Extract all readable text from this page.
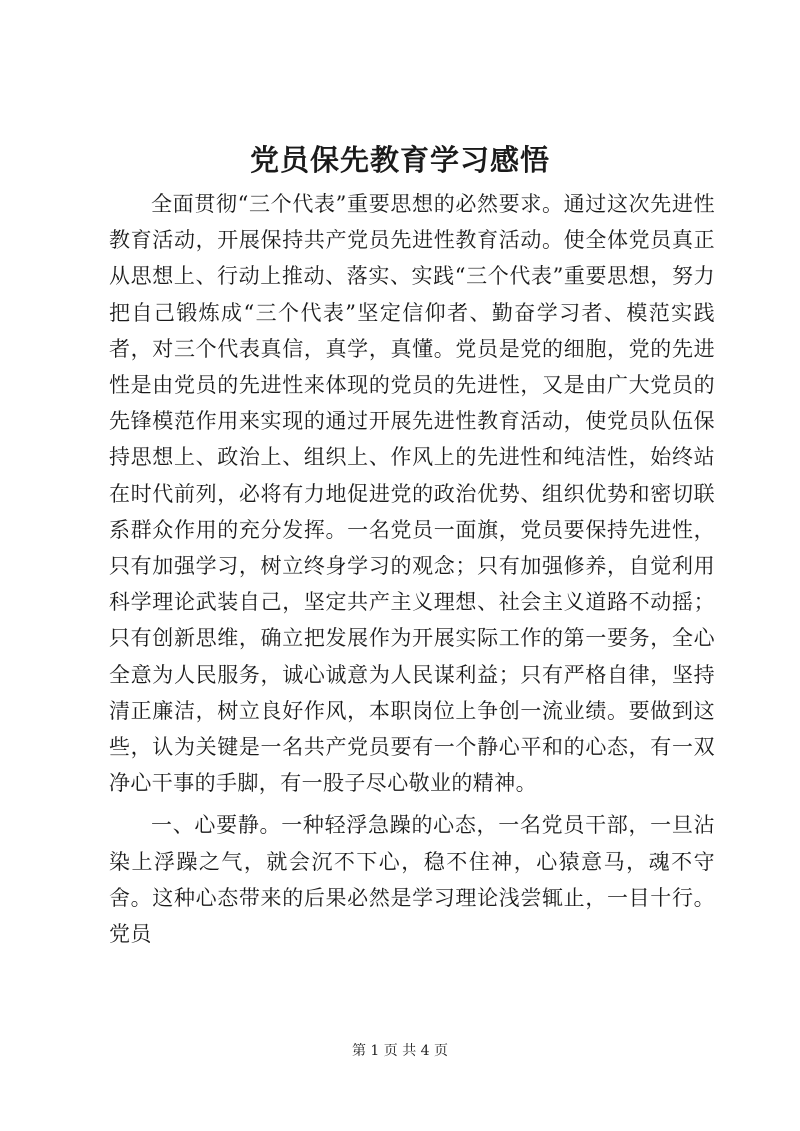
党员保先教育学习感悟

全面贯彻“三个代表”重要思想的必然要求。通过这次先进性教育活动，开展保持共产党员先进性教育活动。使全体党员真正从思想上、行动上推动、落实、实践“三个代表”重要思想，努力把自己锻炼成“三个代表”坚定信仰者、勤奋学习者、模范实践者，对三个代表真信，真学，真懂。党员是党的细胞，党的先进性是由党员的先进性来体现的党员的先进性，又是由广大党员的先锋模范作用来实现的通过开展先进性教育活动，使党员队伍保持思想上、政治上、组织上、作风上的先进性和纯洁性，始终站在时代前列，必将有力地促进党的政治优势、组织优势和密切联系群众作用的充分发挥。一名党员一面旗，党员要保持先进性，只有加强学习，树立终身学习的观念；只有加强修养，自觉利用科学理论武装自己，坚定共产主义理想、社会主义道路不动摇；只有创新思维，确立把发展作为开展实际工作的第一要务，全心全意为人民服务，诚心诚意为人民谋利益；只有严格自律，坚持清正廉洁，树立良好作风，本职岗位上争创一流业绩。要做到这些，认为关键是一名共产党员要有一个静心平和的心态，有一双净心干事的手脚，有一股子尽心敬业的精神。

一、心要静。一种轻浮急躁的心态，一名党员干部，一旦沾染上浮躁之气，就会沉不下心，稳不住神，心猿意马，魂不守舍。这种心态带来的后果必然是学习理论浅尝辄止，一目十行。党员

第 1 页 共 4 页
